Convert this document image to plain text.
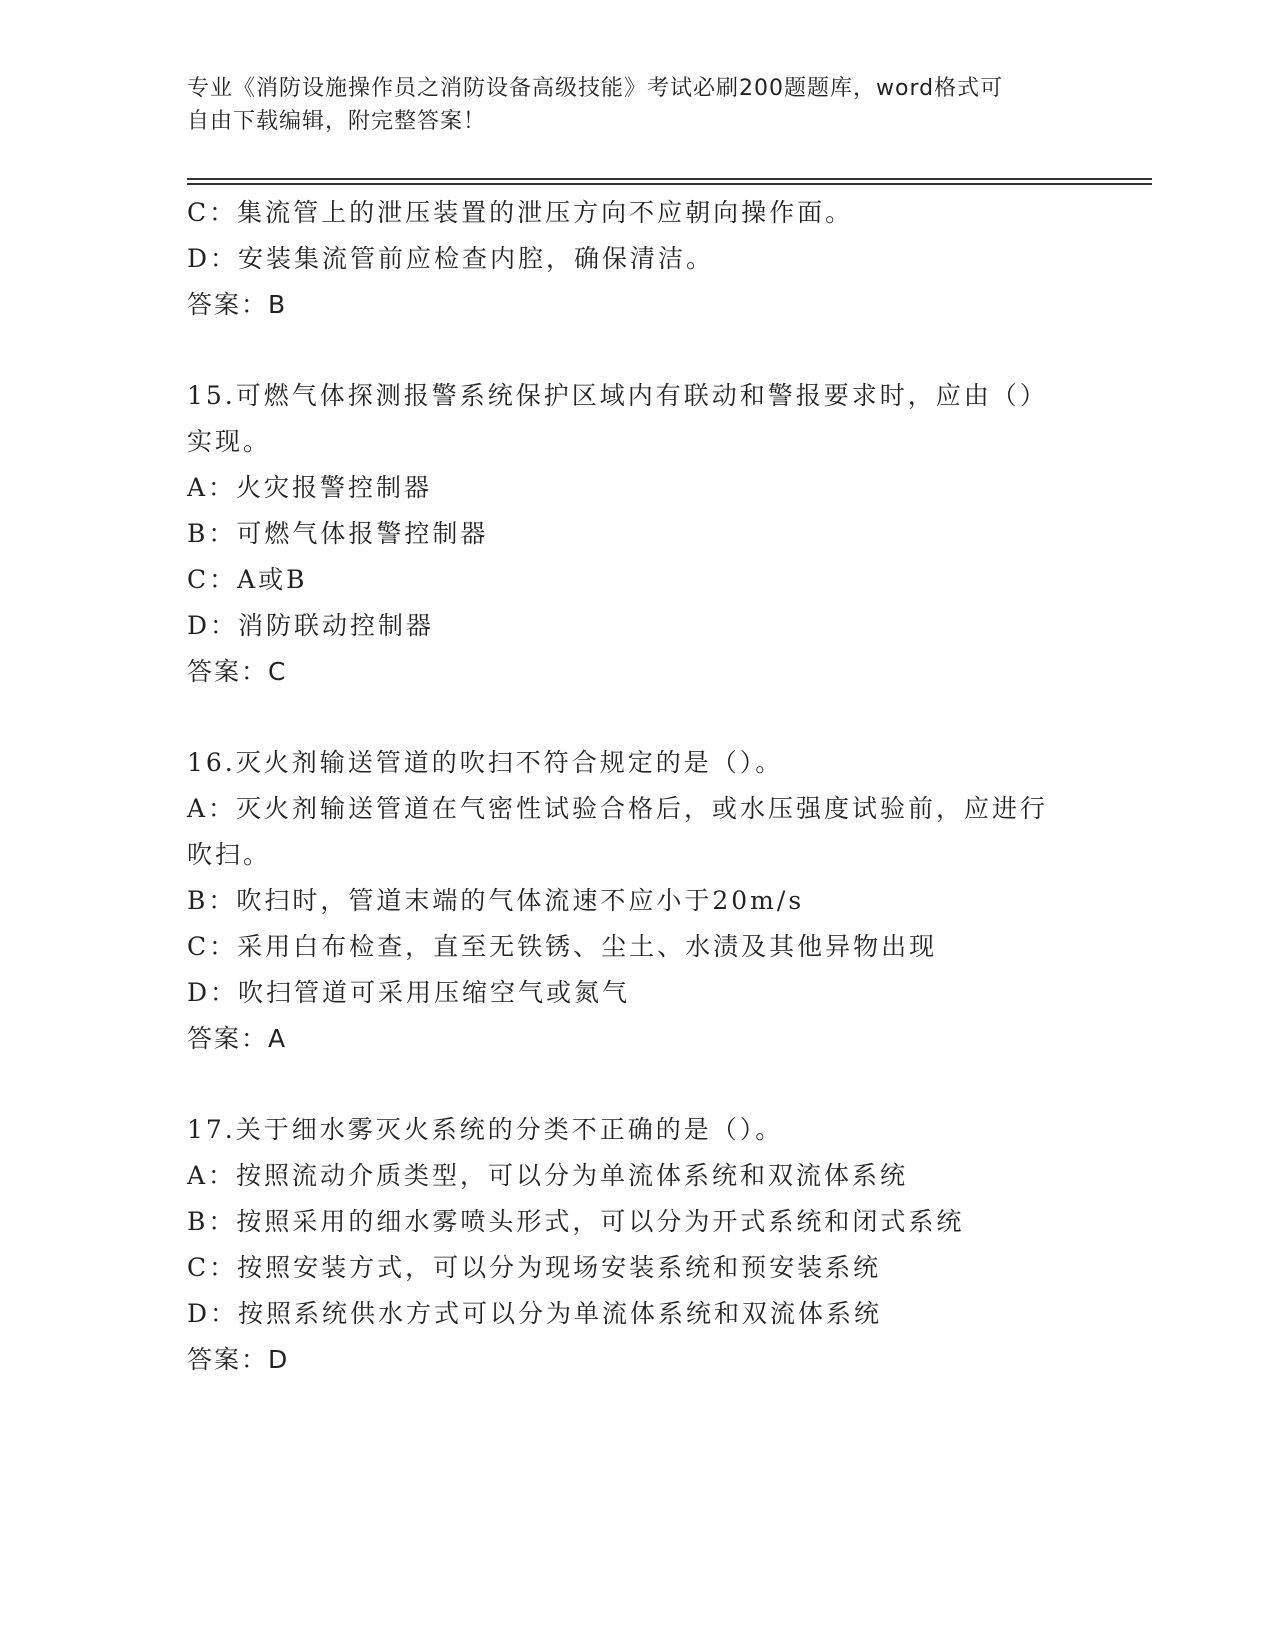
专业《消防设施操作员之消防设备高级技能》考试必刷200题题库，word格式可
自由下载编辑，附完整答案！
C：集流管上的泄压装置的泄压方向不应朝向操作面。
D：安装集流管前应检查内腔，确保清洁。
答案：B
15.可燃气体探测报警系统保护区域内有联动和警报要求时，应由（）
实现。
A：火灾报警控制器
B：可燃气体报警控制器
C：A或B
D：消防联动控制器
答案：C
16.灭火剂输送管道的吹扫不符合规定的是（）。
A：灭火剂输送管道在气密性试验合格后，或水压强度试验前，应进行
吹扫。
B：吹扫时，管道末端的气体流速不应小于20m/s
C：采用白布检查，直至无铁锈、尘土、水渍及其他异物出现
D：吹扫管道可采用压缩空气或氮气
答案：A
17.关于细水雾灭火系统的分类不正确的是（）。
A：按照流动介质类型，可以分为单流体系统和双流体系统
B：按照采用的细水雾喷头形式，可以分为开式系统和闭式系统
C：按照安装方式，可以分为现场安装系统和预安装系统
D：按照系统供水方式可以分为单流体系统和双流体系统
答案：D
